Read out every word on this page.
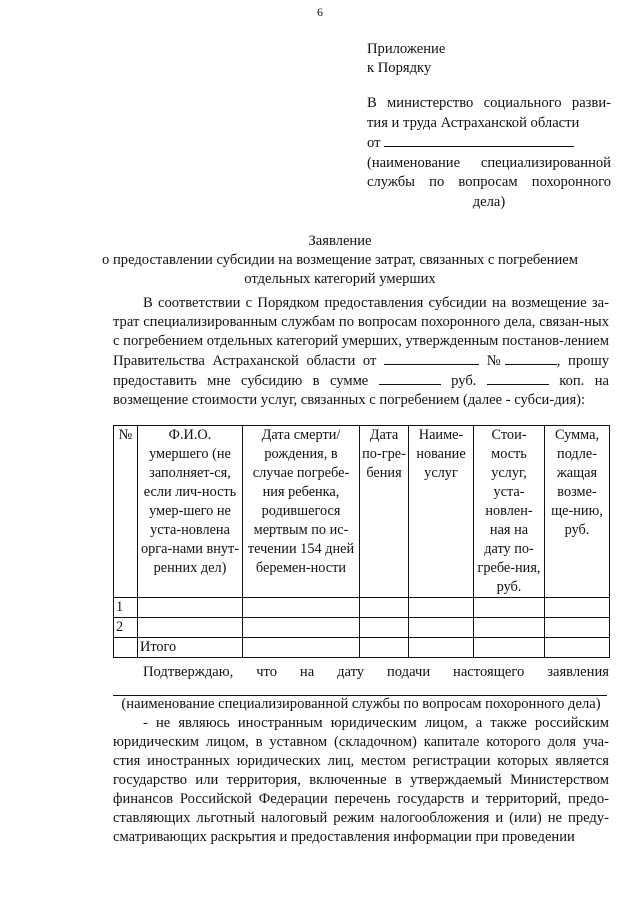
6
Приложение
к Порядку
В министерство социального разви-
тия и труда Астраханской области
от
(наименование специализированной
службы по вопросам похоронного
дела)
Заявление
о предоставлении субсидии на возмещение затрат, связанных с погребением
отдельных категорий умерших

В соответствии с Порядком предоставления субсидии на возмещение за-трат специализированным службам по вопросам похоронного дела, связан-ных с погребением отдельных категорий умерших, утвержденным постанов-лением Правительства Астраханской области от	№	, прошу предоставить мне субсидию в сумме	руб.	коп. на возмещение стоимости услуг, связанных с погребением (далее - субси-дия):

№	Ф.И.О. умершего (не заполняет-ся, если лич-ность умер-шего не уста-новлена орга-нами внут-ренних дел)	Дата смерти/ рождения, в случае погребе-ния ребенка, родившегося мертвым по ис-течении 154 дней беремен-ности	Дата по-гре-бения	Наиме-нование услуг	Стои-мость услуг, уста-новлен-ная на дату по-гребе-ния, руб.	Сумма, подле-жащая возме-ще-нию, руб.
1						
2						
	Итого					
Подтверждаю, что на дату подачи настоящего заявления
(наименование специализированной службы по вопросам похоронного дела)
- не являюсь иностранным юридическим лицом, а также российским
юридическим лицом, в уставном (складочном) капитале которого доля уча-стия иностранных юридических лиц, местом регистрации которых является государство или территория, включенные в утверждаемый Министерством финансов Российской Федерации перечень государств и территорий, предо-ставляющих льготный налоговый режим налогообложения и (или) не преду-сматривающих раскрытия и предоставления информации при проведении
